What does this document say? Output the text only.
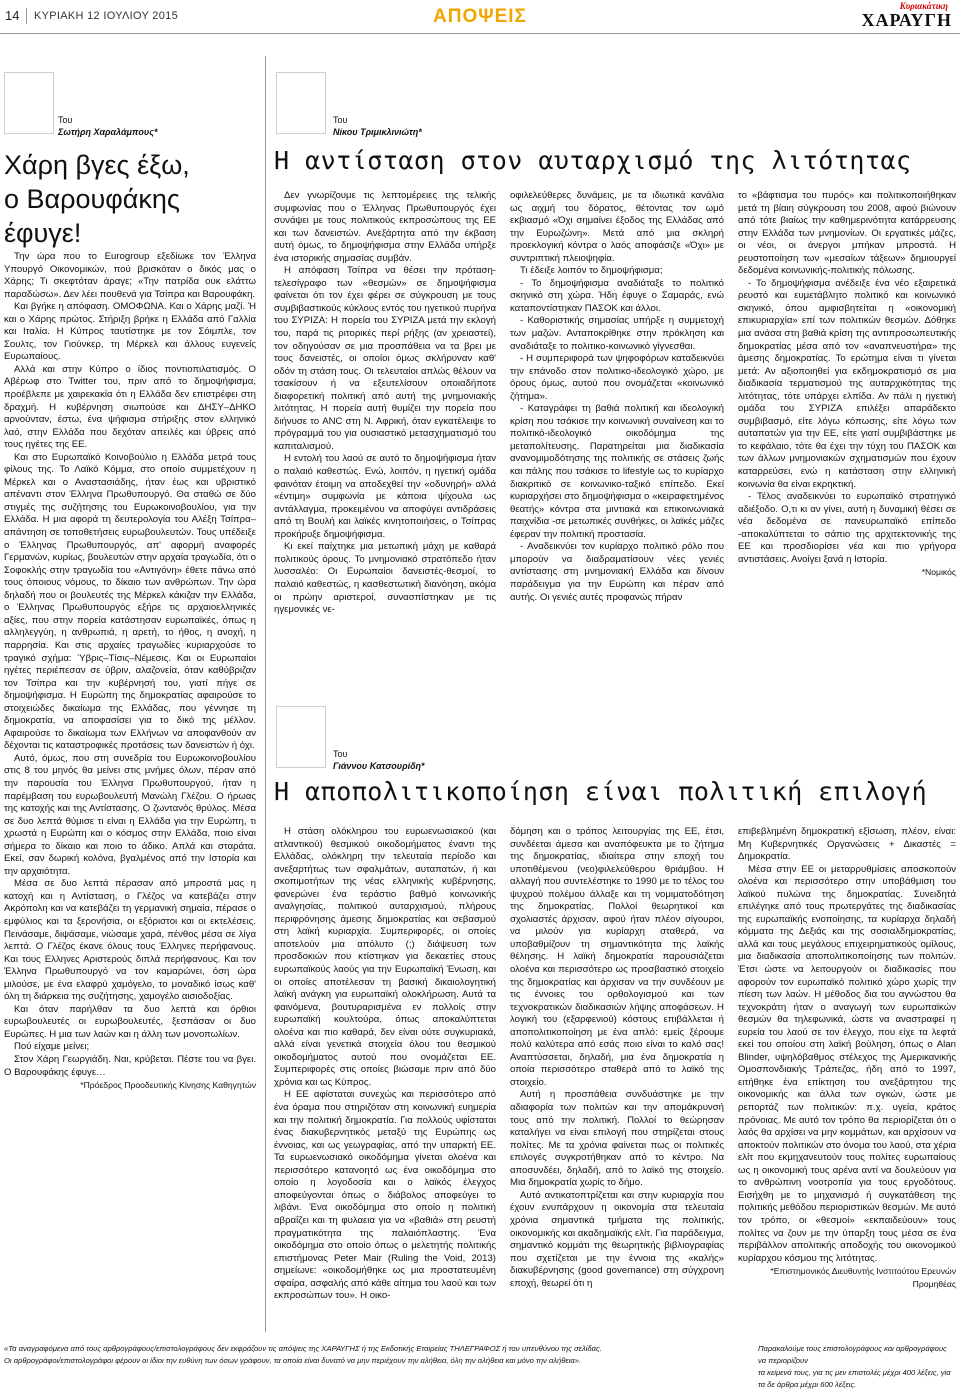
14 ΚΥΡΙΑΚΗ 12 ΙΟΥΛΙΟΥ 2015	ΑΠΟΨΕΙΣ	Κυριακάτικη
ΧΑΡΑΥΓΗ
Του
Σωτήρη Χαραλάμπους*
Χάρη βγες έξω,
ο Βαρουφάκης
έφυγε!

Την ώρα που το Eurogroup εξεδίωκε τον Έλληνα Υπουργό Οικονομικών, πού βρισκόταν ο δικός μας ο Χάρης; Τι σκεφτόταν άραγε; «Την πατρίδα ουκ ελάττω παραδώσω». Δεν λέει πουθενά για Τσίπρα και Βαρουφάκη.

Και βγήκε η απόφαση. ΟΜΟΦΩΝΑ. Και ο Χάρης μαζί. Ή και ο Χάρης πρώτος. Στήριξη βρήκε η Ελλάδα από Γαλλία και Ιταλία. Η Κύπρος ταυτίστηκε με τον Σόιμπλε, τον Σουλτς, τον Γιούνκερ, τη Μέρκελ και άλλους ευγενείς Ευρωπαίους.

Αλλά και στην Κύπρο ο ίδιος ποντιοπιλατισμός. Ο Αβέρωφ στο Twitter του, πριν από το δημοψήφισμα, προέβλεπε με χαιρεκακία ότι η Ελλάδα δεν επιστρέφει στη δραχμή. Η κυβέρνηση σιωπούσε και ΔΗΣΥ–ΔΗΚΟ αρνούνταν, έστω, ένα ψήφισμα στήριξης στον ελληνικό λαό, στην Ελλάδα που δεχόταν απειλές και ύβρεις από τους ηγέτες της ΕΕ.

Και στο Ευρωπαϊκό Κοινοβούλιο η Ελλάδα μετρά τους φίλους της. Το Λαϊκό Κόμμα, στο οποίο συμμετέχουν η Μέρκελ και ο Αναστασιάδης, ήταν έως και υβριστικό απέναντι στον Έλληνα Πρωθυπουργό. Θα σταθώ σε δύο στιγμές της συζήτησης του Ευρωκοινοβουλίου, για την Ελλάδα. Η μια αφορά τη δευτερολογία του Αλέξη Τσίπρα–απάντηση σε τοποθετήσεις ευρωβουλευτών. Τους υπέδειξε ο Έλληνας Πρωθυπουργός, απ' αφορμή αναφορές Γερμανών, κυρίως, βουλευτών στην αρχαία τραγωδία, ότι ο Σοφοκλής στην τραγωδία του «Αντιγόνη» έθετε πάνω από τους όποιους νόμους, το δίκαιο των ανθρώπων. Την ώρα δηλαδή που οι βουλευτές της Μέρκελ κάκιζαν την Ελλάδα, ο Έλληνας Πρωθυπουργός εξήρε τις αρχαιοελληνικές αξίες, που στην πορεία κατάστησαν ευρωπαϊκές, όπως η αλληλεγγύη, η ανθρωπιά, η αρετή, το ήθος, η ανοχή, η παρρησία. Και στις αρχαίες τραγωδίες κυριαρχούσε το τραγικό σχήμα: Ύβρις–Τίσις–Νέμεσις. Και οι Ευρωπαίοι ηγέτες περιέπεσαν σε ύβριν, αλαζονεία, όταν καθύβριζαν τον Τσίπρα και την κυβέρνησή του, γιατί πήγε σε δημοψήφισμα. Η Ευρώπη της δημοκρατίας αφαιρούσε το στοιχειώδες δικαίωμα της Ελλάδας, που γέννησε τη δημοκρατία, να αποφασίσει για το δικό της μέλλον. Αφαιρούσε το δικαίωμα των Ελλήνων να αποφανθούν αν δέχονται τις καταστροφικές προτάσεις των δανειστών ή όχι.

Αυτό, όμως, που στη συνεδρία του Ευρωκοινοβουλίου στις 8 του μηνός θα μείνει στις μνήμες όλων, πέραν από την παρουσία του Έλληνα Πρωθυπουργού, ήταν η παρέμβαση του ευρωβουλευτή Μανώλη Γλέζου. Ο ήρωας της κατοχής και της Αντίστασης. Ο ζωντανός θρύλος. Μέσα σε δυο λεπτά θύμισε τι είναι η Ελλάδα για την Ευρώπη, τι χρωστά η Ευρώπη και ο κόσμος στην Ελλάδα, ποιο είναι σήμερα το δίκαιο και ποιο το άδικο. Απλά και σταράτα. Εκεί, σαν δωρική κολόνα, βγαλμένος από την Ιστορία και την αρχαιότητα.

Μέσα σε δυο λεπτά πέρασαν από μπροστά μας η κατοχή και η Αντίσταση, ο Γλέζος να κατεβάζει στην Ακρόπολη και να κατεβάζει τη γερμανική σημαία, πέρασε ο εμφύλιος και τα ξερονήσια, οι εξόριστοι και οι εκτελέσεις. Πεινάσαμε, διψάσαμε, νιώσαμε χαρά, πένθος μέσα σε λίγα λεπτά. Ο Γλέζος έκανε όλους τους Έλληνες περήφανους. Και τους Ελληνες Αριστερούς διπλά περήφανους. Και τον Έλληνα Πρωθυπουργό να τον καμαρώνει, όση ώρα μιλούσε, με ένα ελαφρύ χαμόγελο, το μοναδικό ίσως καθ' όλη τη διάρκεια της συζήτησης, χαμογέλο αισιοδοξίας.

Και όταν παρήλθαν τα δυο λεπτά και όρθιοι ευρωβουλευτές οι ευρωβουλευτές, ξεσπάσαν οι δυο Ευρώπες. Η μια των λαών και η άλλη των μονοπωλίων.

Πού είχαμε μείνει;

Στον Χάρη Γεωργιάδη. Ναι, κρύβεται. Πέστε του να βγει. Ο Βαρουφάκης έφυγε…

*Πρόεδρος Προοδευτικής Κίνησης Καθηγητών

Του
Νίκου Τριμικλινιώτη*
Η αντίσταση στον αυταρχισμό της λιτότητας

Δεν γνωρίζουμε τις λεπτομέρειες της τελικής συμφωνίας που ο Έλληνας Πρωθυπουργός έχει συνάψει με τους πολιτικούς εκπροσώπους της ΕΕ και των δανειστών. Ανεξάρτητα από την έκβαση αυτή όμως, το δημοψήφισμα στην Ελλάδα υπήρξε ένα ιστορικής σημασίας συμβάν.

Η απόφαση Τσίπρα να θέσει την πρόταση-τελεσίγραφο των «θεσμών» σε δημοψήφισμα φαίνεται ότι τον έχει φέρει σε σύγκρουση με τους συμβιβαστικούς κύκλους εντός του ηγετικού πυρήνα του ΣΥΡΙΖΑ: Η πορεία του ΣΥΡΙΖΑ μετά την εκλογή του, παρά τις ριτορικές περί ρήξης (αν χρειαστεί), τον οδηγούσαν σε μια προσπάθεια να τα βρει με τους δανειστές, οι οποίοι όμως σκλήρυναν καθ' οδόν τη στάση τους. Οι τελευταίοι απλώς θέλουν να τσακίσουν ή να εξευτελίσουν οποιαδήποτε διαφορετική πολιτική από αυτή της μνημονιακής λιτότητας. Η πορεία αυτή θυμίζει την πορεία που διήνυσε το ANC στη Ν. Αφρική, όταν εγκατέλειψε το πρόγραμμά του για ουσιαστικό μετασχηματισμό του καπιταλισμού.

Η εντολή του λαού σε αυτό το δημοψήφισμα ήταν ο παλαιό καθεστώς. Ενώ, λοιπόν, η ηγετική ομάδα φαινόταν έτοιμη να αποδεχθεί την «οδυνηρή» αλλά «έντιμη» συμφωνία με κάποια ψίχουλα ως αντάλλαγμα, προκειμένου να αποφύγει αντιδράσεις από τη Βουλή και λαϊκές κινητοποιήσεις, ο Τσίπρας προκήρυξε δημοψήφισμα.

Κι εκεί παίχτηκε μια μετωπική μάχη με καθαρά πολιτικούς όρους. Το μνημονιακό στρατόπεδο ήταν λυσσαλέο: Οι Ευρωπαίοι δανειστές-θεσμοί, το παλαιό καθεστώς, η κασθεστωτική διανόηση, ακόμα οι πρώην αριστεροί, συνασπίστηκαν με τις ηγεμονικές νε-

οφιλελεύθερες δυνάμεις, με τα ιδιωτικά κανάλια ως αιχμή του δόρατος, θέτοντας τον ωμό εκβιασμό «Όχι σημαίνει έξοδος της Ελλάδας από την Ευρωζώνη». Μετά από μια σκληρή προεκλογική κόντρα ο λαός αποφάσιζε «Όχι» με συντριπτική πλειοψηφία.

Τι έδειξε λοιπόν το δημοψήφισμα;

- Το δημοψήφισμα αναδιάταξε το πολιτικό σκηνικό στη χώρα. Ήδη έφυγε ο Σαμαράς, ενώ καταποντίστηκαν ΠΑΣΟΚ και άλλοι.

- Καθοριστικής σημασίας υπήρξε η συμμετοχή των μαζών. Ανταποκρίθηκε στην πρόκληση και αναδιάταξε το πολιτικο-κοινωνικό γίγνεσθαι.

- Η συμπεριφορά των ψηφοφόρων καταδεικνύει την επάνοδο στον πολιτικο-ιδεολογικό χώρο, με όρους όμως, αυτού που ονομάζεται «κοινωνικό ζήτημα».

- Καταγράφει τη βαθιά πολιτική και ιδεολογική κρίση που τσάκισε την κοινωνική συναίνεση και το πολιτικό-ιδεολογικό οικοδόμημα της μεταπολίτευσης. Παρατηρείται μια διαδικασία ανανομιμοδότησης της πολιτικής σε στάσεις ζωής και πάλης που τσάκισε το lifestyle ως το κυρίαρχο διακριτικό σε κοινωνικο-ταξικό επίπεδο. Εκεί κυριαρχήσει στο δημοψήφισμα ο «κειραφετημένος θεατής» κόντρα στα μιντιακά και επικοινωνιακά παιχνίδια -σε μετωπικές συνθήκες, οι λαϊκές μάζες έφεραν την πολιτική προστασία.

- Αναδεικνύει τον κυρίαρχο πολιτικό ρόλο που μπορούν να διαδραματίσουν νέες γενιές αντίστασης στη μνημονιακή Ελλάδα και δίνουν παράδειγμα για την Ευρώπη και πέραν από αυτής. Οι γενιές αυτές προφανώς πήραν

το «βάφτισμα του πυρός» και πολιτικοποιήθηκαν μετά τη βίαιη σύγκρουση του 2008, αφού βιώνουν από τότε βιαίως την καθημερινότητα κατάρρευσης στην Ελλάδα των μνημονίων. Οι εργατικές μάζες, οι νέοι, οι άνεργοι μπήκαν μπροστά. Η ρευστοποίηση των «μεσαίων τάξεων» δημιουργεί δεδομένα κοινωνικής-πολιτικής πόλωσης.

- Το δημοψήφισμα ανέδειξε ένα νέο εξαιρετικά ρευστό και ευμετάβλητο πολιτικό και κοινωνικό σκηνικό, όπου αμφισβητείται η «οικονομική επικυριαρχία» επί των πολιτικών θεσμών. Δόθηκε μια ανάσα στη βαθιά κρίση της αντιπροσωπευτικής δημοκρατίας μέσα από τον «αναπνευστήρα» της άμεσης δημοκρατίας. Το ερώτημα είναι τι γίνεται μετά: Αν αξιοποιηθεί για εκδημοκρατισμό σε μια διαδικασία τερματισμού της αυταρχικότητας της λιτότητας, τότε υπάρχει ελπίδα. Αν πάλι η ηγετική ομάδα του ΣΥΡΙΖΑ επιλέξει απαράδεκτο συμβιβασμό, είτε λόγω κόπωσης, είτε λόγω των αυταπατών για την ΕΕ, είτε γιατί συμβιβάστηκε με το κεφάλαιο, τότε θα έχει την τύχη του ΠΑΣΟΚ και των άλλων μνημονιακών σχηματισμών που έχουν καταρρεύσει, ενώ η κατάσταση στην ελληνική κοινωνία θα είναι εκρηκτική.

- Τέλος αναδεικνύει το ευρωπαϊκό στρατηγικό αδιέξοδο. Ο,τι κι αν γίνει, αυτή η δυναμική θέσει σε νέα δεδομένα σε πανευρωπαϊκό επίπεδο -αποκαλύπτεται το σάπιο της αρχιτεκτονικής της ΕΕ και προσδιορίσει νέα και πιο γρήγορα αντιστάσεις. Ανοίγει ξανά η Ιστορία.

*Νομικός

Του
Γιάννου Κατσουρίδη*
Η αποπολιτικοποίηση είναι πολιτική επιλογή

Η στάση ολόκληρου του ευρωενωσιακού (και ατλαντικού) θεσμικού οικοδομήματος έναντι της Ελλάδας, ολόκληρη την τελευταία περίοδο και ανεξαρτήτως των σφαλμάτων, αυταπατών, ή και σκοπιμοτήτων της νέας ελληνικής κυβέρνησης, φανερώνει ένα τεράστιο βαθμό κοινωνικής αναλγησίας, πολιτικού αυταρχισμού, πλήρους περιφρόνησης άμεσης δημοκρατίας και σεβασμού στη λαϊκή κυριαρχία. Συμπεριφορές, οι οποίες αποτελούν μια απόλυτο (;) διάψευση των προσδοκιών που κτίστηκαν για δεκαετίες στους ευρωπαϊκούς λαούς για την Ευρωπαϊκή Ένωση, και οι οποίες αποτέλεσαν τη βασική δικαιολογητική λαϊκή ανάγκη για ευρωπαϊκή ολοκλήρωση. Αυτά τα φαινόμενα, βουτυραρισμένα εν πολλοίς στην ευρωπαϊκή κουλτούρα, όπως αποκαλύπτεται ολοένα και πιο καθαρά, δεν είναι ούτε συγκυριακά, αλλά είναι γενετικά στοιχεία όλου του θεσμικού οικοδομήματος αυτού που ονομάζεται ΕΕ. Συμπεριφορές στις οποίες βιώσαμε πριν από δύο χρόνια και ως Κύπρος.

Η ΕΕ αφίσταται συνεχώς και περισσότερο από ένα όραμα που στηριζόταν στη κοινωνική ευημερία και την πολιτική δημοκρατία. Για πολλούς υφίσταται ένας διακυβερνητικός μεταξύ της Ευρώπης ως έννοιας, και ως γεωγραφίας, από την υπαρκτή ΕΕ. Τα ευρωενωσιακό οικοδόμημα γίνεται ολοένα και περισσότερο κατανοητό ως ένα οικοδόμημα στο οποίο η λογοδοσία και ο λαϊκός έλεγχος αποφεύγονται όπως ο διάβολος αποφεύγει το λιβάνι. Ένα οικοδόμημα στο οποίο η πολιτική αβραΐζει και τη φυλαεια για να «βαθιά» στη ρευστή πραγματικότητα της παλαιόπλαστης. Ένα οικοδόμημα στο οποίο όπως ο μελετητής πολιτικής επιστήμονας Peter Mair (Ruling the Void, 2013) σημείωνε: «οικοδομήθηκε ως μια προστατευμένη σφαίρα, ασφαλής από κάθε αίτημα του λαού και των εκπροσώπων του». Η οικο-

δόμηση και ο τρόπος λειτουργίας της ΕΕ, έτσι, συνδέεται άμεσα και αναπόφευκτα με το ζήτημα της δημοκρατίας, ιδιαίτερα στην εποχή του υποτιθέμενου (νεο)φιλελεύθερου θριάμβου. Η αλλαγή που συντελέστηκε το 1990 με το τέλος του ψυχρού πολέμου άλλαξε και τη νομιματοδότηση της δημοκρατίας. Πολλοί θεωρητικοί και σχολιαστές άρχισαν, αφού ήταν πλέον σίγουροι, να μιλούν για κυρίαρχη σταθερά, να υποβαθμίζουν τη σημαντικότητα της λαϊκής θέλησης. Η λαϊκή δημοκρατία παρουσιάζεται ολοένα και περισσότερο ως προσβαστικό στοιχείο της δημοκρατίας και άρχισαν να την συνδέουν με τις έννοιες του ορθολογισμού και των τεχνοκρατικών διαδικασιών λήψης αποφάσεων. Η λογική του (εξαρφενιού) κόστους επιβάλλεται ή αποπολιτικοποίηση με ένα απλό: εμείς ξέρουμε πολύ καλύτερα από εσάς ποιο είναι το καλό σας! Αναπτύσσεται, δηλαδή, μια ένα δημοκρατία η οποία περισσότερο σταθερά από το λαϊκό της στοιχείο.

Αυτή η προσπάθεια συνδυάστηκε με την αδιαφορία των πολιτών και την απομάκρυνσή τους από την πολιτική. Πολλοί το θεώρησαν καταλήγει να είναι επιλογή που στηρίζεται στους πολίτες. Με τα χρόνια φαίνεται πως οι πολιτικές επιλογές συγκροτήθηκαν από το κέντρο. Να αποσυνδέει, δηλαδή, από το λαϊκό της στοιχείο. Μια δημοκρατία χωρίς το δήμο.

Αυτό αντικατοπτρίζεται και στην κυριαρχία που έχουν ενυπάρχουν η οικονομία στα τελευταία χρόνια σημαντικά τμήματα της πολιτικής, οικονομικής και ακαδημαϊκής ελίτ. Για παράδειγμα, σημαντικό κομμάτι της θεωρητικής βιβλιογραφίας που σχετίζεται με την έννοια της «καλής» διακυβέρνησης (good governance) στη σύγχρονη εποχή, θεωρεί ότι η

επιβεβλημένη δημοκρατική εξίσωση, πλέον, είναι: Μη Κυβερνητικές Οργανώσεις + Δικαστές = Δημοκρατία.

Μέσα στην ΕΕ οι μεταρρυθμίσεις αποσκοπούν ολοένα και περισσότερο στην υποβάθμιση του λαϊκού πυλώνα της δημοκρατίας. Συνειδητά επιλέγηκε από τους πρωτεργάτες της διαδικασίας της ευρωπαϊκής ενοποίησης, τα κυρίαρχα δηλαδή κόμματα της Δεξιάς και της σοσιαλδημοκρατίας, αλλά και τους μεγάλους επιχειρηματικούς ομίλους, μια διαδικασία αποπολιτικοποίησης των πολιτών. Έτσι ώστε να λειτουργούν οι διαδικασίες που αφορούν τον ευρωπαϊκό πολιτικό χώρο χωρίς την πίεση των λαών. Η μέθοδος δια του αγνώστου θα τεχνοκράτη ήταν ο αναγωγή των ευρωπαϊκών θεσμών θα τηλεφωνικά, ώστε να αναστραφεί η ευρεία του λαού σε τον έλεγχο, που είχε τα λεφτά εκεί του οποίου στη λαϊκή βούληση, όπως ο Alan Blinder, υψηλόβαθμος στέλεχος της Αμερικανικής Ομοσπονδιακής Τράπεζας, ήδη από το 1997, ειτήθηκε ένα επίκτηση του ανεξάρτητου της οικονομικής και άλλα των ογκών, ώστε με ρεπορτάζ των πολιτικών: π.χ. υγεία, κράτος πρόνοιας. Με αυτό τον τρόπο θα περιορίζεται ότι ο λαός θα αρχίσει να μην κομμάτων, και αρχίσουν να αποκτούν πολιτικών στο όνομα του λαού, στα χέρια ελίτ που εκμηχανευτούν τους πολίτες ευρωπαίους ως η οικονομική τους αρένα αντί να δουλεύουν για το ανθρώπινη νοοτροπία για τους εργοδότους. Εισήχθη με το μηχανισμό ή συγκατάθεση της πολιτικής μεθόδου περιοριστικών θεσμών. Με αυτό τον τρόπο, οι «θεσμοί» «εκπαιδεύουν» τους πολίτες να ζουν με την ύπαρξη τους μέσα σε ένα περιβάλλον απολιτικής αποδοχής του οικονομικού κυρίαρχου κόσμου της λιτότητας.

*Επιστημονικός Διευθυντής Ινστιτούτου Ερευνών Προμηθέας

«Τα αναγραφόμενα από τους αρθρογράφους/επιστολογράφους δεν εκφράζουν τις απόψεις της ΧΑΡΑΥΓΗΣ ή της Εκδοτικής Εταιρείας ΤΗΛΕΓΡΑΦΟΣ ή του υπευθύνου της σελίδας.
Οι αρθρογράφοι/επιστολογράφοι φέρουν οι ίδιοι την ευθύνη των όσων γράφουν, τα οποία είναι δυνατό να μην περιέχουν την αλήθεια, όλη την αλήθεια και μόνο την αλήθεια».
Παρακαλούμε τους επιστολογράφους και αρθρογράφους να περιορίζουν
τα κείμενά τους, για τις μεν επιστολές μέχρι 400 λέξεις, για τα δε άρθρα μέχρι 600 λέξεις.
